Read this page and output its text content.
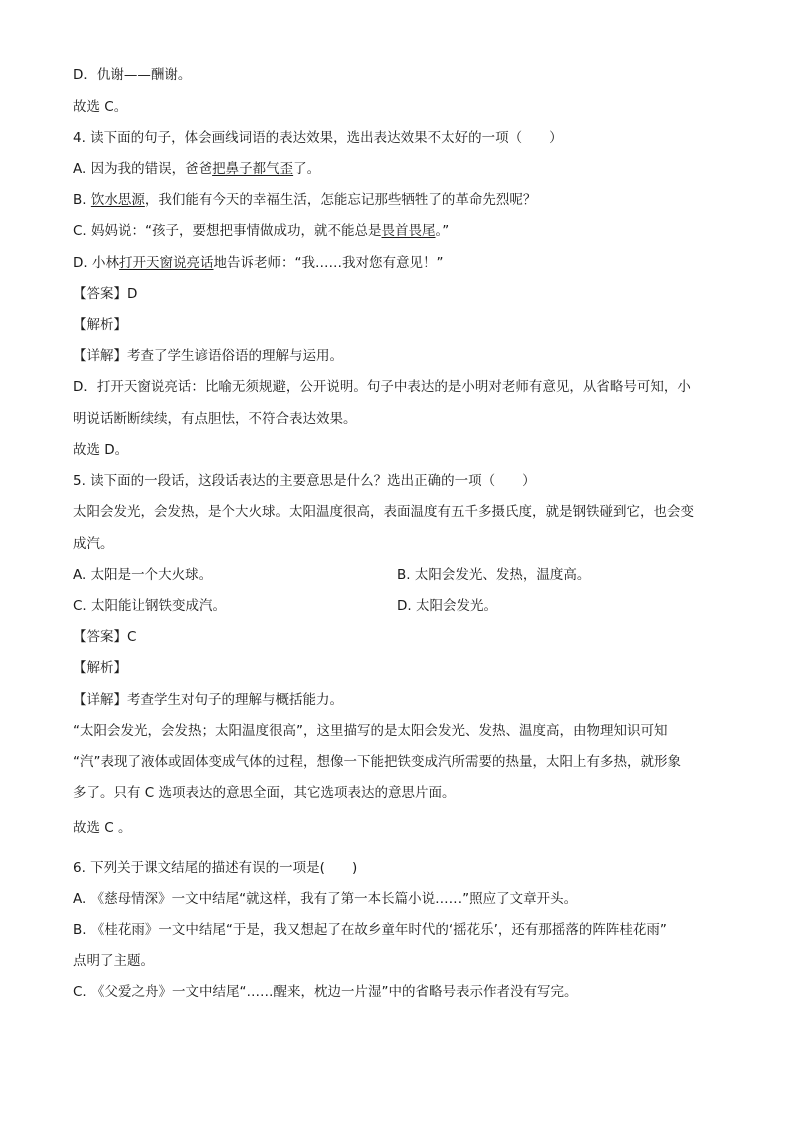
D．仇谢——酬谢。
故选 C。
4. 读下面的句子，体会画线词语的表达效果，选出表达效果不太好的一项（　　）
A. 因为我的错误，爸爸把鼻子都气歪了。
B. 饮水思源，我们能有今天的幸福生活，怎能忘记那些牺牲了的革命先烈呢？
C. 妈妈说：“孩子，要想把事情做成功，就不能总是畏首畏尾。”
D. 小林打开天窗说亮话地告诉老师：“我……我对您有意见！”
【答案】D
【解析】
【详解】考查了学生谚语俗语的理解与运用。
D．打开天窗说亮话：比喻无须规避，公开说明。句子中表达的是小明对老师有意见，从省略号可知，小
明说话断断续续，有点胆怯，不符合表达效果。
故选 D。
5. 读下面的一段话，这段话表达的主要意思是什么？选出正确的一项（　　）
太阳会发光，会发热，是个大火球。太阳温度很高，表面温度有五千多摄氏度，就是钢铁碰到它，也会变
成汽。
A. 太阳是一个大火球。	B. 太阳会发光、发热，温度高。
C. 太阳能让钢铁变成汽。	D. 太阳会发光。
【答案】C
【解析】
【详解】考查学生对句子的理解与概括能力。
“太阳会发光，会发热；太阳温度很高”，这里描写的是太阳会发光、发热、温度高，由物理知识可知
“汽”表现了液体或固体变成气体的过程，想像一下能把铁变成汽所需要的热量，太阳上有多热，就形象
多了。只有 C 选项表达的意思全面，其它选项表达的意思片面。
故选 C 。
6. 下列关于课文结尾的描述有误的一项是(　　)
A. 《慈母情深》一文中结尾“就这样，我有了第一本长篇小说……”照应了文章开头。
B. 《桂花雨》一文中结尾“于是，我又想起了在故乡童年时代的‘摇花乐’，还有那摇落的阵阵桂花雨”
点明了主题。
C. 《父爱之舟》一文中结尾“……醒来，枕边一片湿”中的省略号表示作者没有写完。
